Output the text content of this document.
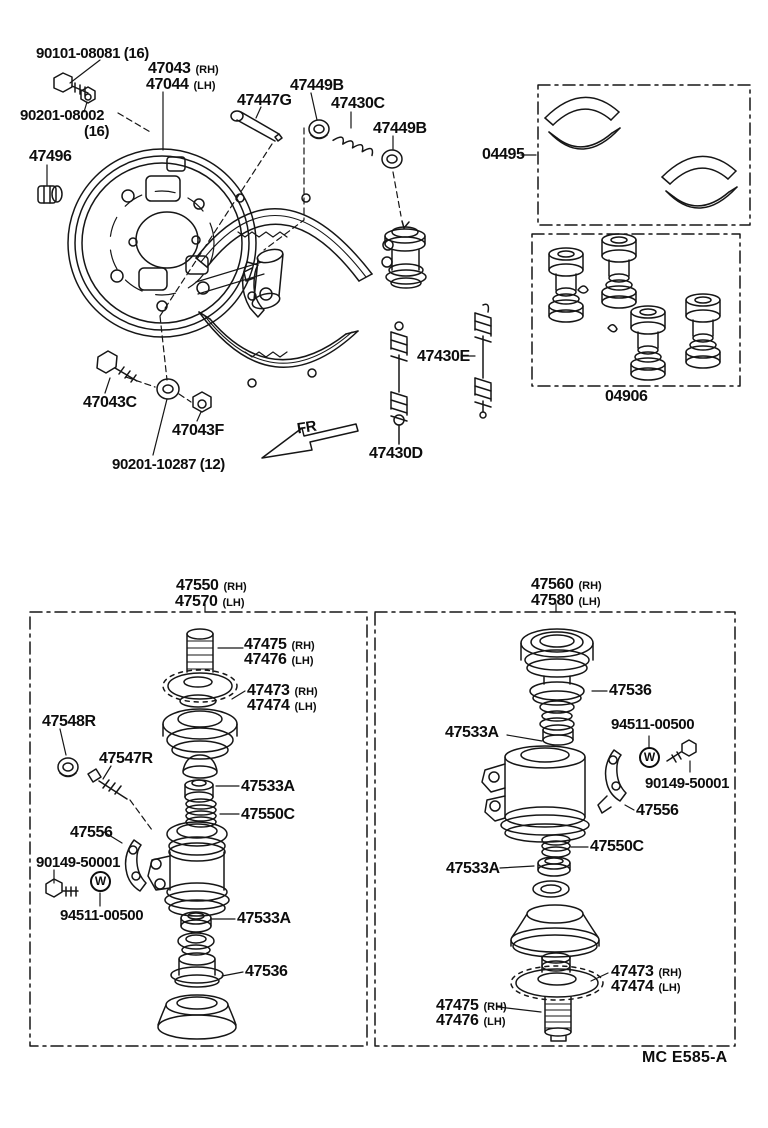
90101-08081 (16)
47043 (RH)
47044 (LH)
90201-08002
(16)
47496
47447G
47449B
47430C
47449B
04495
47043C
47043F
90201-10287 (12)
FR
47430E
47430D
04906
47550 (RH)
47570 (LH)
47475 (RH)
47476 (LH)
47473 (RH)
47474 (LH)
47548R
47547R
47533A
47550C
47556
90149-50001
94511-00500	47533A
47536
47560 (RH)
47580 (LH)
47536
47533A	94511-00500
90149-50001
47556
47550C
47533A
47473 (RH)
47474 (LH)
47475 (RH)
47476 (LH)
W
W
MC E585-A
